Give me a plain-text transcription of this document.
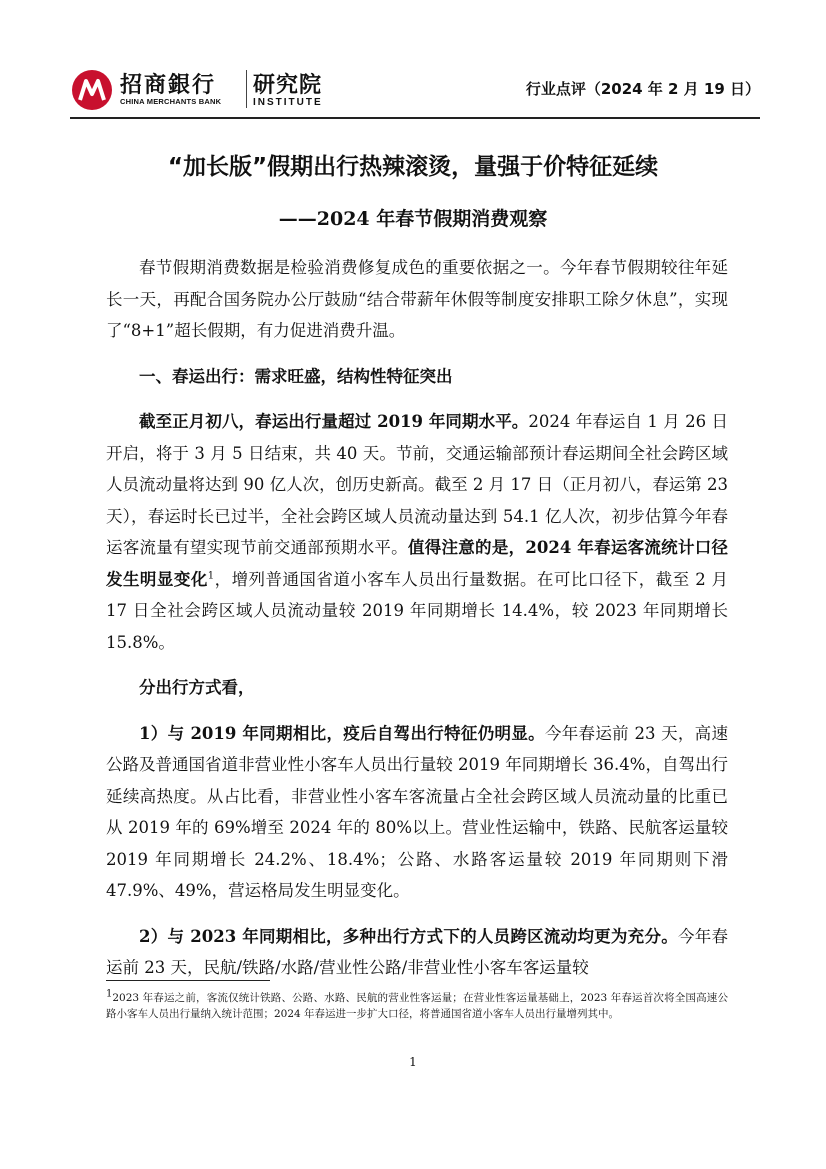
招商銀行
CHINA MERCHANTS BANK
研究院
INSTITUTE
行业点评（2024 年 2 月 19 日）
“加长版”假期出行热辣滚烫，量强于价特征延续
——2024 年春节假期消费观察

春节假期消费数据是检验消费修复成色的重要依据之一。今年春节假期较往年延长一天，再配合国务院办公厅鼓励“结合带薪年休假等制度安排职工除夕休息”，实现了“8+1”超长假期，有力促进消费升温。

一、春运出行：需求旺盛，结构性特征突出

截至正月初八，春运出行量超过 2019 年同期水平。2024 年春运自 1 月 26 日开启，将于 3 月 5 日结束，共 40 天。节前，交通运输部预计春运期间全社会跨区域人员流动量将达到 90 亿人次，创历史新高。截至 2 月 17 日（正月初八，春运第 23 天），春运时长已过半，全社会跨区域人员流动量达到 54.1 亿人次，初步估算今年春运客流量有望实现节前交通部预期水平。值得注意的是，2024 年春运客流统计口径发生明显变化$^1$，增列普通国省道小客车人员出行量数据。在可比口径下，截至 2 月 17 日全社会跨区域人员流动量较 2019 年同期增长 14.4%，较 2023 年同期增长 15.8%。

分出行方式看，

1）与 2019 年同期相比，疫后自驾出行特征仍明显。今年春运前 23 天，高速公路及普通国省道非营业性小客车人员出行量较 2019 年同期增长 36.4%，自驾出行延续高热度。从占比看，非营业性小客车客流量占全社会跨区域人员流动量的比重已从 2019 年的 69%增至 2024 年的 80%以上。营业性运输中，铁路、民航客运量较 2019 年同期增长 24.2%、18.4%；公路、水路客运量较 2019 年同期则下滑 47.9%、49%，营运格局发生明显变化。

2）与 2023 年同期相比，多种出行方式下的人员跨区流动均更为充分。今年春运前 23 天，民航/铁路/水路/营业性公路/非营业性小客车客运量较

$^1$2023 年春运之前，客流仅统计铁路、公路、水路、民航的营业性客运量；在营业性客运量基础上，2023 年春运首次将全国高速公路小客车人员出行量纳入统计范围；2024 年春运进一步扩大口径，将普通国省道小客车人员出行量增列其中。
1
